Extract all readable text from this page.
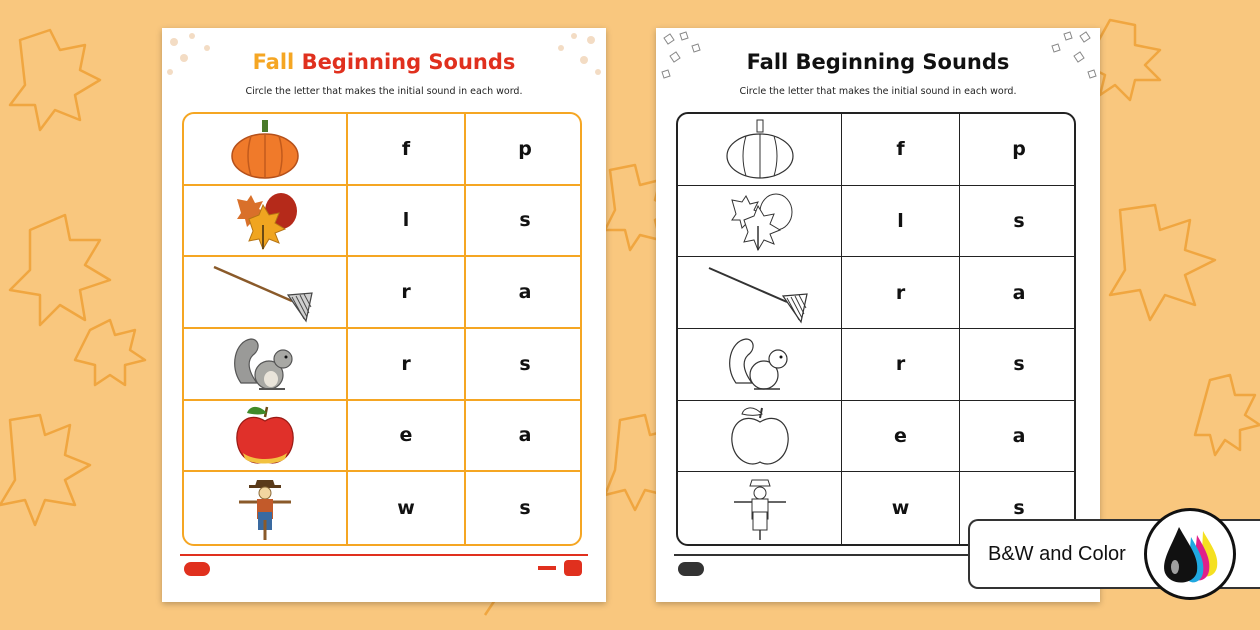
Fall Beginning Sounds
Circle the letter that makes the initial sound in each word.
f	p
l	s
r	a
r	s
e	a
w	s
Fall Beginning Sounds
Circle the letter that makes the initial sound in each word.
f	p
l	s
r	a
r	s
e	a
w	s
B&W and Color
